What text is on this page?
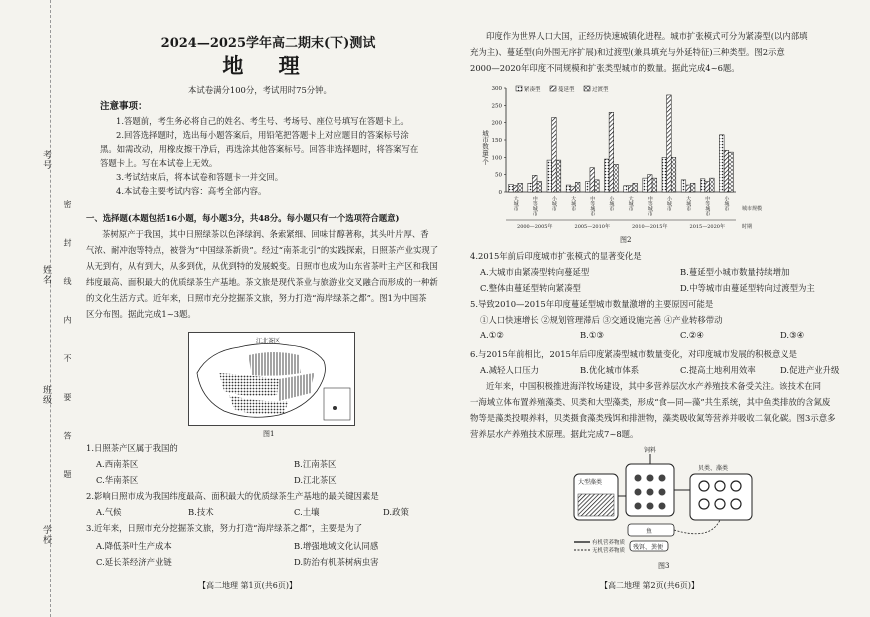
考号
姓名
班级
学校
密 封 线 内 不 要 答 题
2024—2025学年高二期末(下)测试
地 理
本试卷满分100分，考试用时75分钟。
注意事项：
1.答题前，考生务必将自己的姓名、考生号、考场号、座位号填写在答题卡上。
2.回答选择题时，选出每小题答案后，用铅笔把答题卡上对应题目的答案标号涂
黑。如需改动，用橡皮擦干净后，再选涂其他答案标号。回答非选择题时，将答案写在
答题卡上。写在本试卷上无效。
3.考试结束后，将本试卷和答题卡一并交回。
4.本试卷主要考试内容：高考全部内容。
一、选择题(本题包括16小题，每小题3分，共48分。每小题只有一个选项符合题意)
茶树原产于我国，其中日照绿茶以色泽绿润、条索紧细、回味甘醇著称，其头叶片厚、香
气浓、耐冲泡等特点，被誉为“中国绿茶新贵”。经过“南茶北引”的实践探索，日照茶产业实现了
从无到有，从有到大，从多到优，从优到特的发展蜕变。日照市也成为山东省茶叶主产区和我国
纬度最高、面积最大的优质绿茶生产基地。茶文旅是现代茶业与旅游业交叉融合而形成的一种新
的文化生活方式。近年来，日照市充分挖掘茶文旅，努力打造“海岸绿茶之都”。图1为中国茶
区分布图。据此完成1~3题。
江北茶区
图1
1.日照茶产区属于我国的
A.西南茶区	B.江南茶区
C.华南茶区	D.江北茶区
2.影响日照市成为我国纬度最高、面积最大的优质绿茶生产基地的最关键因素是
A.气候	B.技术	C.土壤	D.政策
3.近年来，日照市充分挖掘茶文旅，努力打造“海岸绿茶之都”，主要是为了
A.降低茶叶生产成本	B.增强地域文化认同感
C.延长茶经济产业链	D.防治有机茶树病虫害
【高二地理 第1页(共6页)】
印度作为世界人口大国，正经历快速城镇化进程。城市扩张模式可分为紧凑型(以内部填
充为主)、蔓延型(向外围无序扩展)和过渡型(兼具填充与外延特征)三种类型。图2示意
2000—2020年印度不同规模和扩张类型城市的数量。据此完成4~6题。
0
50
100
150
200
250
300
大城市	中等城市	小城市
2000—2005年
大城市	中等城市	小城市
2005—2010年
大城市	中等城市	小城市
2010—2015年
大城市	中等城市	小城市
2015—2020年
城市规模
时期
紧凑型	蔓延型	过渡型
城市数量/个
图2
4.2015年前后印度城市扩张模式的显著变化是
A.大城市由紧凑型转向蔓延型	B.蔓延型小城市数量持续增加
C.整体由蔓延型转向紧凑型	D.中等城市由蔓延型转向过渡型为主
5.导致2010—2015年印度蔓延型城市数量激增的主要原因可能是
①人口快速增长 ②规划管理滞后 ③交通设施完善 ④产业转移带动
A.①②	B.①③	C.②④	D.③④
6.与2015年前相比，2015年后印度紧凑型城市数量变化，对印度城市发展的积极意义是
A.减轻人口压力	B.优化城市体系	C.提高土地利用效率	D.促进产业升级
近年来，中国积极推进海洋牧场建设，其中多营养层次水产养殖技术备受关注。该技术在同
一海域立体布置养殖藻类、贝类和大型藻类，形成“食—同—藻”共生系统，其中鱼类排放的含氮废
物等是藻类投喂养料，贝类摄食藻类残饵和排泄物，藻类吸收氮等营养并吸收二氧化碳。图3示意多
营养层水产养殖技术原理。据此完成7~8题。
饲料
大型藻类
贝类、藻类
鱼
残饵、粪便
有机营养物质
无机营养物质
图3
【高二地理 第2页(共6页)】
